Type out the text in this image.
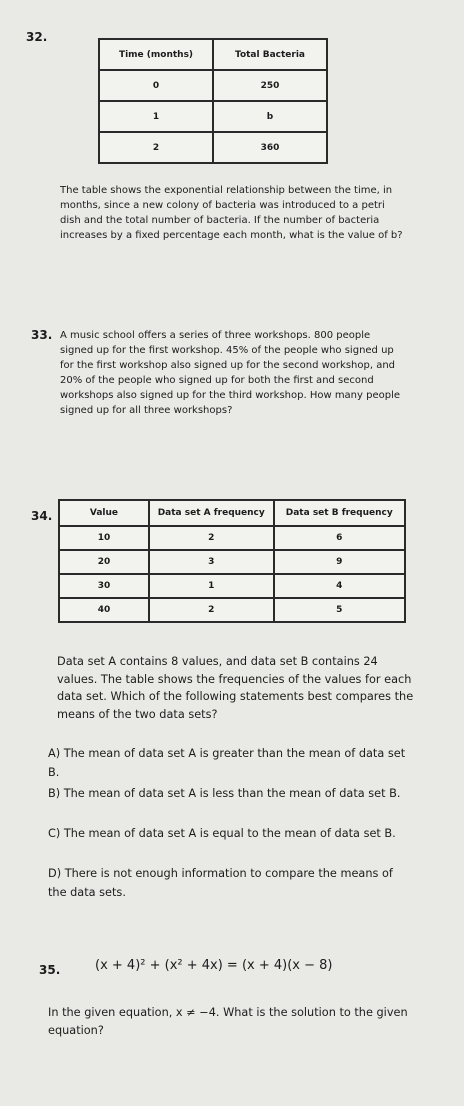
32.
Time (months)	Total Bacteria
0	250
1	b
2	360

The table shows the exponential relationship between the time, in months, since a new colony of bacteria was introduced to a petri dish and the total number of bacteria. If the number of bacteria increases by a fixed percentage each month, what is the value of b?

33. A music school offers a series of three workshops. 800 people signed up for the first workshop. 45% of the people who signed up for the first workshop also signed up for the second workshop, and 20% of the people who signed up for both the first and second workshops also signed up for the third workshop. How many people signed up for all three workshops?

34.	Value	Data set A frequency	Data set B frequency
10	2	6
20	3	9
30	1	4
40	2	5

Data set A contains 8 values, and data set B contains 24 values. The table shows the frequencies of the values for each data set. Which of the following statements best compares the means of the two data sets?

A) The mean of data set A is greater than the mean of data set B.

B) The mean of data set A is less than the mean of data set B.

C) The mean of data set A is equal to the mean of data set B.

D) There is not enough information to compare the means of the data sets.

35.	(x + 4)² + (x² + 4x) = (x + 4)(x − 8)

In the given equation, x ≠ −4. What is the solution to the given equation?
